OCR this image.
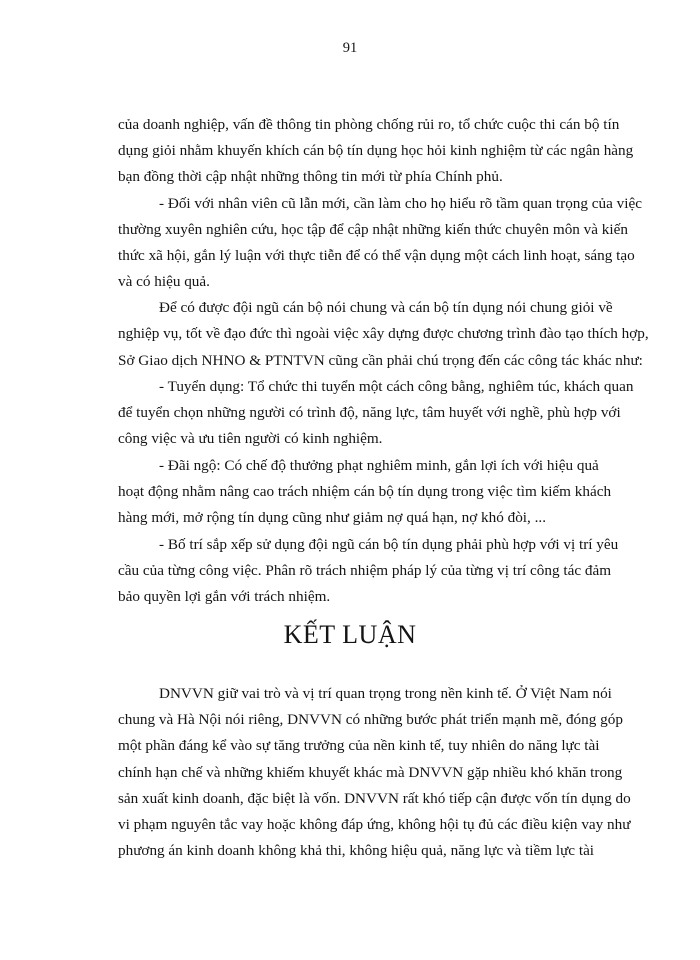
91
của doanh nghiệp, vấn đề thông tin phòng chống rủi ro, tổ chức cuộc thi cán bộ tín
dụng giỏi nhằm khuyến khích cán bộ tín dụng học hỏi kinh nghiệm từ các ngân hàng
bạn đồng thời cập nhật những thông tin mới từ phía Chính phủ.
- Đối với nhân viên cũ lẫn mới, cần làm cho họ hiểu rõ tầm quan trọng của việc
thường xuyên nghiên cứu, học tập để cập nhật những kiến thức chuyên môn và kiến
thức xã hội, gắn lý luận với thực tiễn để có thể vận dụng một cách linh hoạt, sáng tạo
và có hiệu quả.
Để có được đội ngũ cán bộ nói chung và cán bộ tín dụng nói chung giỏi về
nghiệp vụ, tốt về đạo đức thì ngoài việc xây dựng được chương trình đào tạo thích hợp,
Sở Giao dịch NHNO & PTNTVN cũng cần phải chú trọng đến các công tác khác như:
- Tuyển dụng: Tổ chức thi tuyển một cách công bằng, nghiêm túc, khách quan
để tuyển chọn những người có trình độ, năng lực, tâm huyết với nghề, phù hợp với
công việc và ưu tiên người có kinh nghiệm.
- Đãi ngộ: Có chế độ thưởng phạt nghiêm minh, gắn lợi ích với hiệu quả
hoạt động nhằm nâng cao trách nhiệm cán bộ tín dụng trong việc tìm kiếm khách
hàng mới, mở rộng tín dụng cũng như giảm nợ quá hạn, nợ khó đòi, ...
- Bố trí sắp xếp sử dụng đội ngũ cán bộ tín dụng phải phù hợp với vị trí yêu
cầu của từng công việc. Phân rõ trách nhiệm pháp lý của từng vị trí công tác đảm
bảo quyền lợi gắn với trách nhiệm.
KẾT LUẬN
DNVVN giữ vai trò và vị trí quan trọng trong nền kinh tế. Ở Việt Nam nói
chung và Hà Nội nói riêng, DNVVN có những bước phát triển mạnh mẽ, đóng góp
một phần đáng kể vào sự tăng trưởng của nền kinh tế, tuy nhiên do năng lực tài
chính hạn chế và những khiếm khuyết khác mà DNVVN gặp nhiều khó khăn trong
sản xuất kinh doanh, đặc biệt là vốn. DNVVN rất khó tiếp cận được vốn tín dụng do
vi phạm nguyên tắc vay hoặc không đáp ứng, không hội tụ đủ các điều kiện vay như
phương án kinh doanh không khả thi, không hiệu quả, năng lực và tiềm lực tài
